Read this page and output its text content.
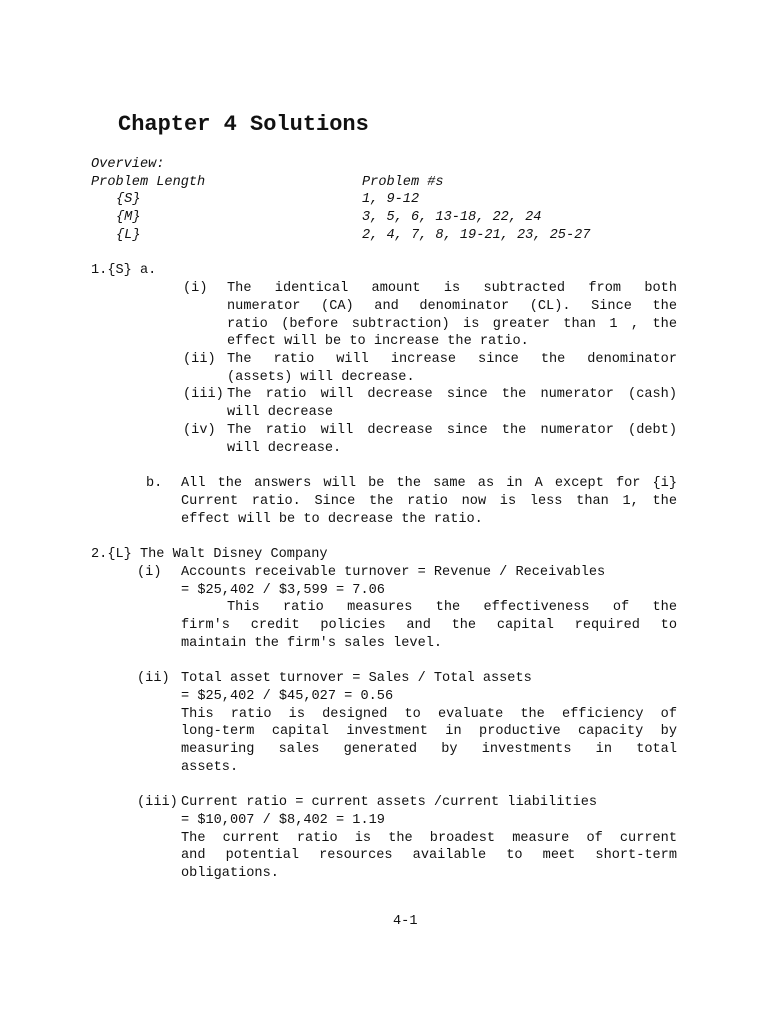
Chapter 4 Solutions
Overview:
Problem Length	Problem #s
{S}	1, 9-12
{M}	3, 5, 6, 13-18, 22, 24
{L}	2, 4, 7, 8, 19-21, 23, 25-27
1.{S} a.
(i) The identical amount is subtracted from both
numerator (CA) and denominator (CL). Since the
ratio (before subtraction) is greater than 1 , the
effect will be to increase the ratio.
(ii) The ratio will increase since the denominator
(assets) will decrease.
(iii) The ratio will decrease since the numerator (cash)
will decrease
(iv) The ratio will decrease since the numerator (debt)
will decrease.
b. All the answers will be the same as in A except for {i}
Current ratio. Since the ratio now is less than 1, the
effect will be to decrease the ratio.
2.{L} The Walt Disney Company
(i) Accounts receivable turnover = Revenue / Receivables
= $25,402 / $3,599 = 7.06
This ratio measures the effectiveness of the
firm's credit policies and the capital required to
maintain the firm's sales level.
(ii) Total asset turnover = Sales / Total assets
= $25,402 / $45,027 = 0.56
This ratio is designed to evaluate the efficiency of
long-term capital investment in productive capacity by
measuring sales generated by investments in total
assets.
(iii) Current ratio = current assets /current liabilities
= $10,007 / $8,402 = 1.19
The current ratio is the broadest measure of current
and potential resources available to meet short-term
obligations.
4-1
